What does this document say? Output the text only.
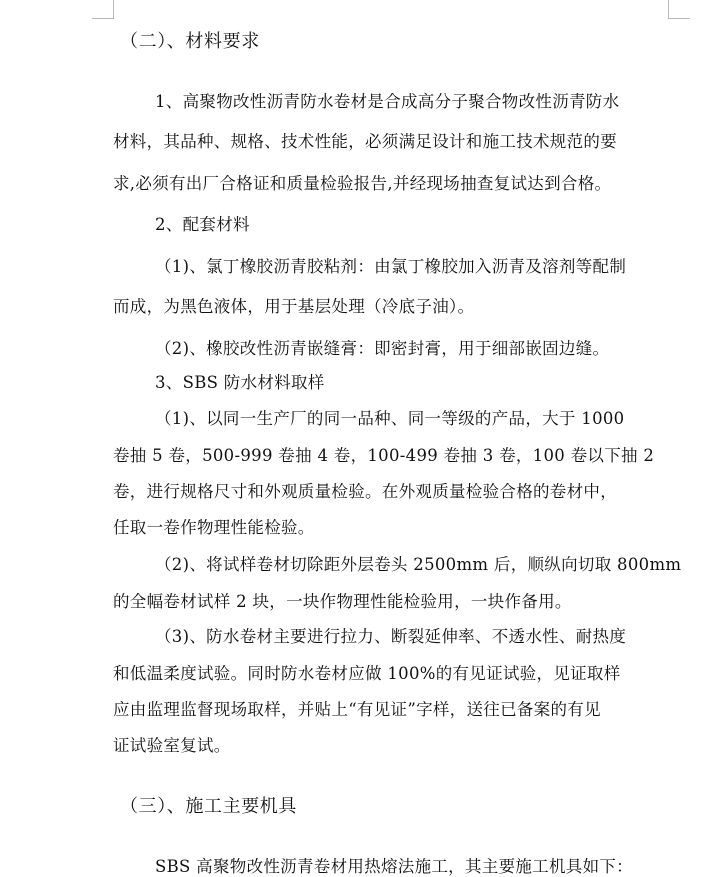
（二）、材料要求
1、高聚物改性沥青防水卷材是合成高分子聚合物改性沥青防水
材料，其品种、规格、技术性能，必须满足设计和施工技术规范的要
求,必须有出厂合格证和质量检验报告,并经现场抽查复试达到合格。
2、配套材料
（1)、氯丁橡胶沥青胶粘剂：由氯丁橡胶加入沥青及溶剂等配制
而成，为黑色液体，用于基层处理（冷底子油）。
（2)、橡胶改性沥青嵌缝膏：即密封膏，用于细部嵌固边缝。
3、SBS 防水材料取样
（1)、以同一生产厂的同一品种、同一等级的产品，大于 1000
卷抽 5 卷，500-999 卷抽 4 卷，100-499 卷抽 3 卷，100 卷以下抽 2
卷，进行规格尺寸和外观质量检验。在外观质量检验合格的卷材中，
任取一卷作物理性能检验。
（2)、将试样卷材切除距外层卷头 2500mm 后，顺纵向切取 800mm
的全幅卷材试样 2 块，一块作物理性能检验用，一块作备用。
（3)、防水卷材主要进行拉力、断裂延伸率、不透水性、耐热度
和低温柔度试验。同时防水卷材应做 100%的有见证试验，见证取样
应由监理监督现场取样，并贴上“有见证”字样，送往已备案的有见
证试验室复试。
（三）、施工主要机具
SBS 高聚物改性沥青卷材用热熔法施工，其主要施工机具如下：
